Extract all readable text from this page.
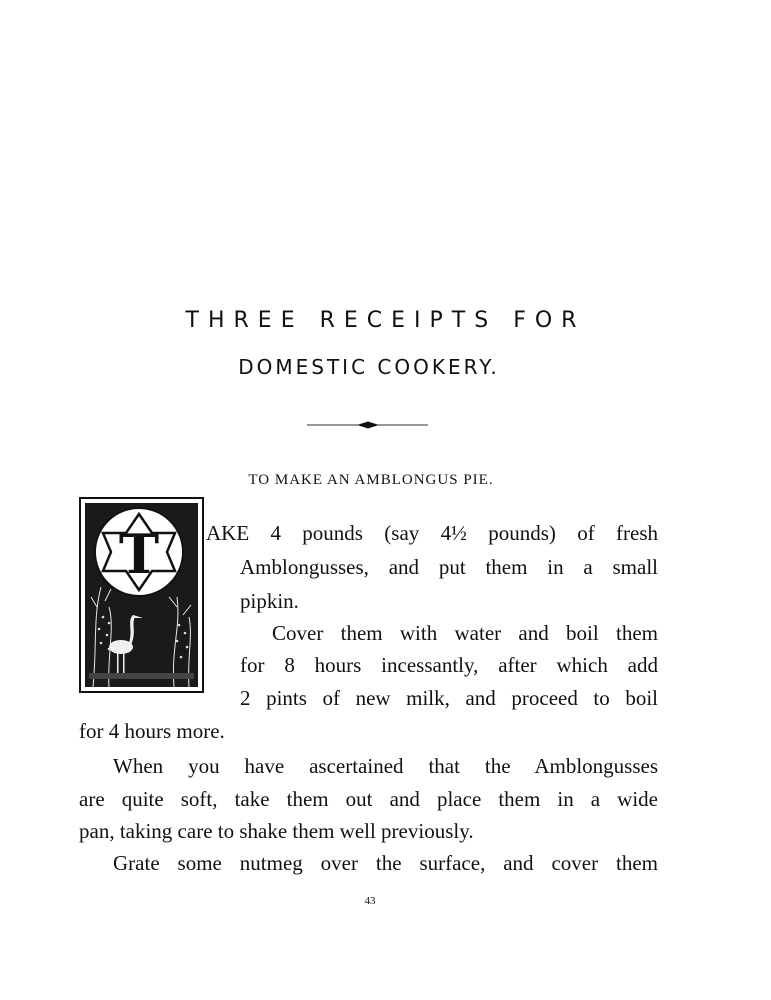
THREE RECEIPTS FOR
DOMESTIC COOKERY.
TO MAKE AN AMBLONGUS PIE.
T AKE 4 pounds (say 4½ pounds) of fresh

Amblongusses, and put them in a small

pipkin.

Cover them with water and boil them

for 8 hours incessantly, after which add

2 pints of new milk, and proceed to boil

for 4 hours more.

When you have ascertained that the Amblongusses

are quite soft, take them out and place them in a wide

pan, taking care to shake them well previously.

Grate some nutmeg over the surface, and cover them

43
